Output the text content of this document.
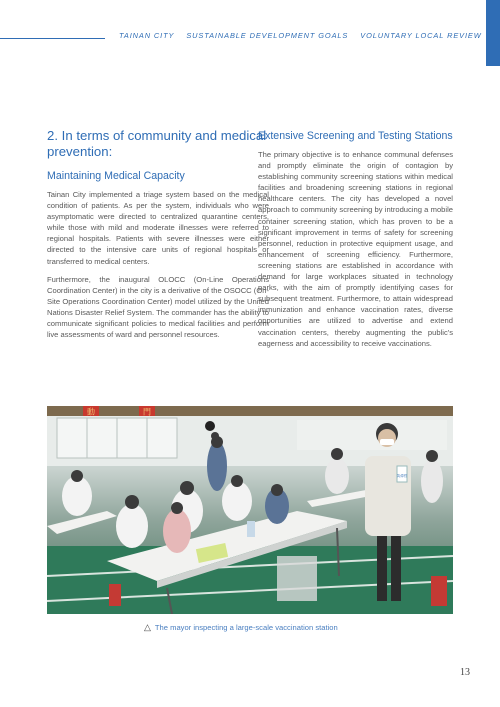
TAINAN CITY SUSTAINABLE DEVELOPMENT GOALS VOLUNTARY LOCAL REVIEW
2. In terms of community and medical prevention:
Maintaining Medical Capacity

Tainan City implemented a triage system based on the medical condition of patients. As per the system, individuals who were asymptomatic were directed to centralized quarantine centers, while those with mild and moderate illnesses were referred to regional hospitals. Patients with severe illnesses were either directed to the intensive care units of regional hospitals or transferred to medical centers.

Furthermore, the inaugural OLOCC (On-Line Operations Coordination Center) in the city is a derivative of the OSOCC (On-Site Operations Coordination Center) model utilized by the United Nations Disaster Relief System. The commander has the ability to communicate significant policies to medical facilities and perform live assessments of ward and personnel resources.

Extensive Screening and Testing Stations

The primary objective is to enhance communal defenses and promptly eliminate the origin of contagion by establishing community screening stations within medical facilities and broadening screening stations in regional healthcare centers. The city has developed a novel approach to community screening by introducing a mobile container screening station, which has proven to be a significant improvement in terms of safety for screening personnel, reduction in protective equipment usage, and enhancement of screening efficiency. Furthermore, screening stations are established in accordance with demand for large workplaces situated in technology parks, with the aim of promptly identifying cases for subsequent treatment. Furthermore, to attain widespread immunization and enhance vaccination rates, diverse opportunities are utilized to advertise and extend vaccination centers, thereby augmenting the public's eagerness and accessibility to receive vaccinations.

動	門
黃偉哲
△ The mayor inspecting a large-scale vaccination station
13
